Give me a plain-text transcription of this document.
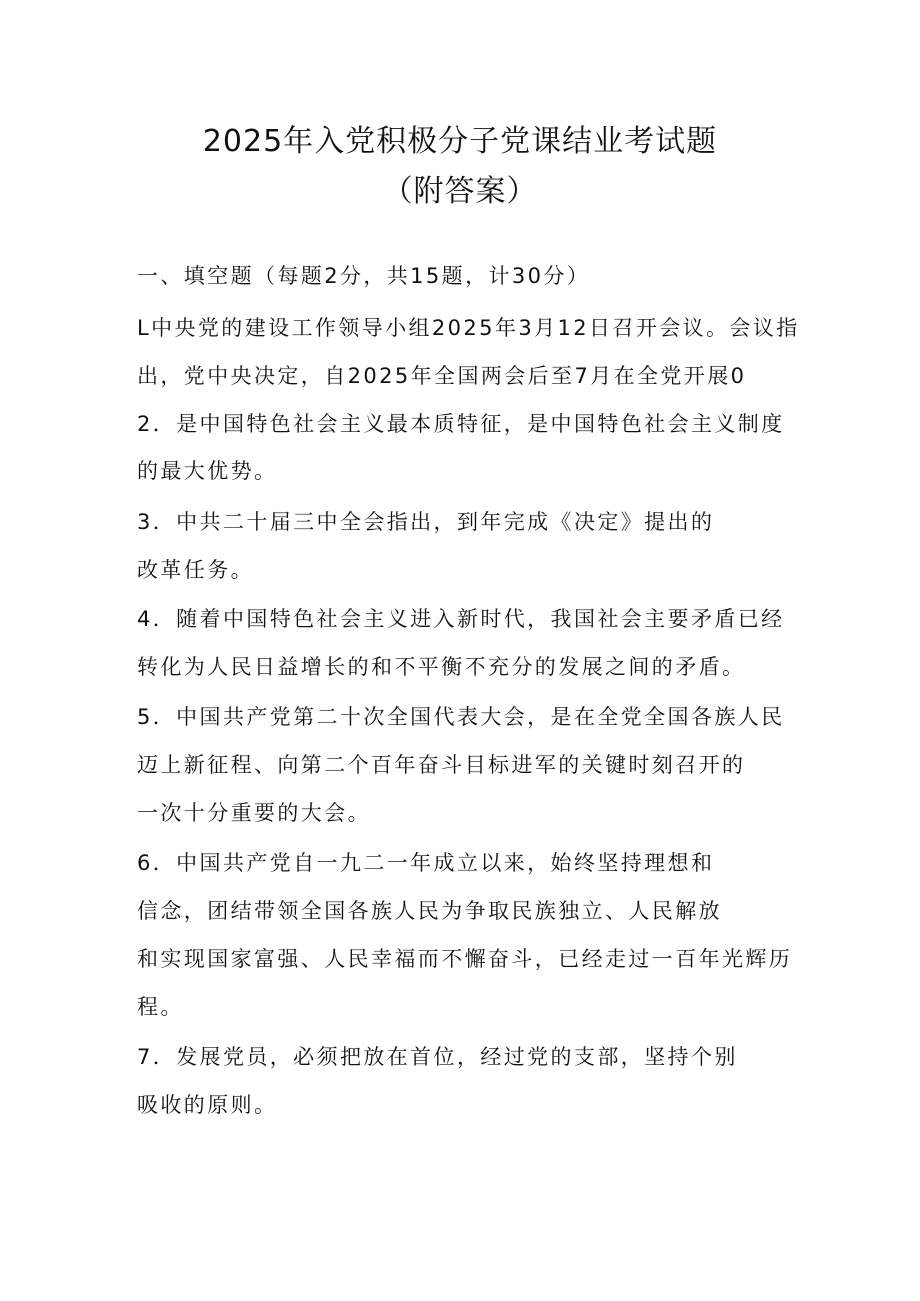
2025年入党积极分子党课结业考试题
（附答案）
一、填空题（每题2分，共15题，计30分）
L中央党的建设工作领导小组2025年3月12日召开会议。会议指
出，党中央决定，自2025年全国两会后至7月在全党开展0
2．是中国特色社会主义最本质特征，是中国特色社会主义制度
的最大优势。
3．中共二十届三中全会指出，到年完成《决定》提出的
改革任务。
4．随着中国特色社会主义进入新时代，我国社会主要矛盾已经
转化为人民日益增长的和不平衡不充分的发展之间的矛盾。
5．中国共产党第二十次全国代表大会，是在全党全国各族人民
迈上新征程、向第二个百年奋斗目标进军的关键时刻召开的
一次十分重要的大会。
6．中国共产党自一九二一年成立以来，始终坚持理想和
信念，团结带领全国各族人民为争取民族独立、人民解放
和实现国家富强、人民幸福而不懈奋斗，已经走过一百年光辉历
程。
7．发展党员，必须把放在首位，经过党的支部，坚持个别
吸收的原则。
